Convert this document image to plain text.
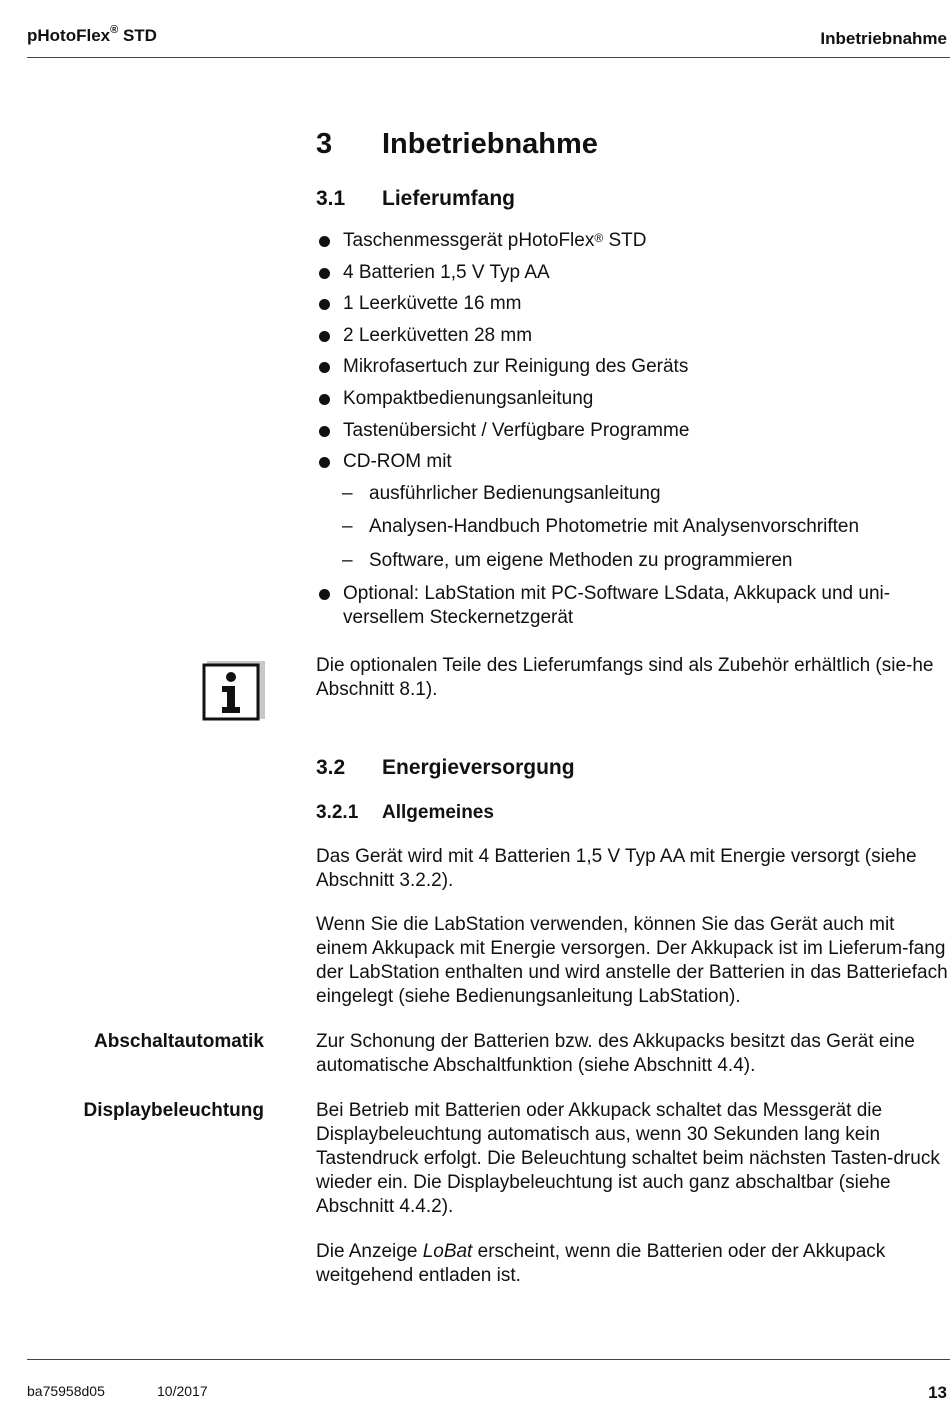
pHotoFlex® STD	Inbetriebnahme
3 Inbetriebnahme
3.1 Lieferumfang
Taschenmessgerät pHotoFlex® STD
4 Batterien 1,5 V Typ AA
1 Leerküvette 16 mm
2 Leerküvetten 28 mm
Mikrofasertuch zur Reinigung des Geräts
Kompaktbedienungsanleitung
Tastenübersicht / Verfügbare Programme
CD-ROM mit
– ausführlicher Bedienungsanleitung
– Analysen-Handbuch Photometrie mit Analysenvorschriften
– Software, um eigene Methoden zu programmieren
Optional: LabStation mit PC-Software LSdata, Akkupack und uni-versellem Steckernetzgerät

Die optionalen Teile des Lieferumfangs sind als Zubehör erhältlich (sie-he Abschnitt 8.1).

3.2 Energieversorgung
3.2.1 Allgemeines

Das Gerät wird mit 4 Batterien 1,5 V Typ AA mit Energie versorgt (siehe Abschnitt 3.2.2).

Wenn Sie die LabStation verwenden, können Sie das Gerät auch mit einem Akkupack mit Energie versorgen. Der Akkupack ist im Lieferum-fang der LabStation enthalten und wird anstelle der Batterien in das Batteriefach eingelegt (siehe Bedienungsanleitung LabStation).

Abschaltautomatik	Zur Schonung der Batterien bzw. des Akkupacks besitzt das Gerät eine automatische Abschaltfunktion (siehe Abschnitt 4.4).

Displaybeleuchtung	Bei Betrieb mit Batterien oder Akkupack schaltet das Messgerät die Displaybeleuchtung automatisch aus, wenn 30 Sekunden lang kein Tastendruck erfolgt. Die Beleuchtung schaltet beim nächsten Tasten-druck wieder ein. Die Displaybeleuchtung ist auch ganz abschaltbar (siehe Abschnitt 4.4.2).

Die Anzeige LoBat erscheint, wenn die Batterien oder der Akkupack weitgehend entladen ist.

ba75958d05	10/2017	13
